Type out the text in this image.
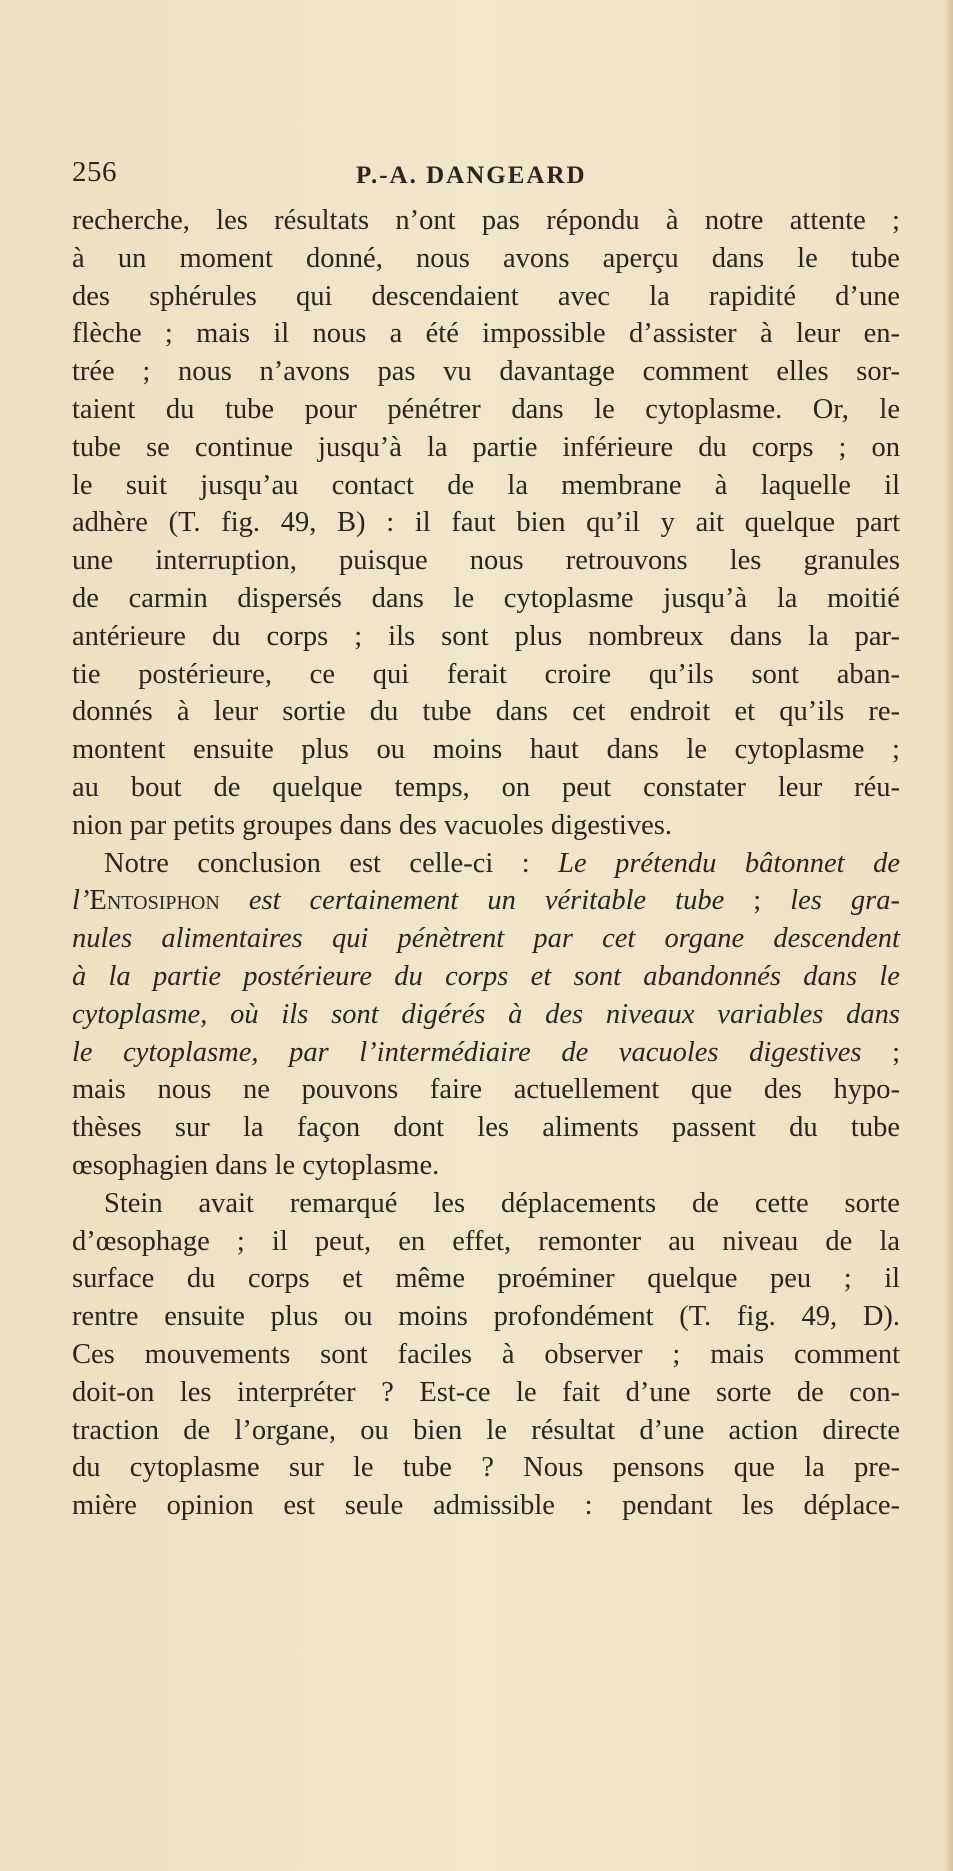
256	P.-A. DANGEARD
recherche, les résultats n’ont pas répondu à notre attente ;
à un moment donné, nous avons aperçu dans le tube
des sphérules qui descendaient avec la rapidité d’une
flèche ; mais il nous a été impossible d’assister à leur en-
trée ; nous n’avons pas vu davantage comment elles sor-
taient du tube pour pénétrer dans le cytoplasme. Or, le
tube se continue jusqu’à la partie inférieure du corps ; on
le suit jusqu’au contact de la membrane à laquelle il
adhère (T. fig. 49, B) : il faut bien qu’il y ait quelque part
une interruption, puisque nous retrouvons les granules
de carmin dispersés dans le cytoplasme jusqu’à la moitié
antérieure du corps ; ils sont plus nombreux dans la par-
tie postérieure, ce qui ferait croire qu’ils sont aban-
donnés à leur sortie du tube dans cet endroit et qu’ils re-
montent ensuite plus ou moins haut dans le cytoplasme ;
au bout de quelque temps, on peut constater leur réu-
nion par petits groupes dans des vacuoles digestives.
Notre conclusion est celle-ci : Le prétendu bâtonnet de
l’ Entosiphon est certainement un véritable tube ; les gra-
nules alimentaires qui pénètrent par cet organe descendent
à la partie postérieure du corps et sont abandonnés dans le
cytoplasme, où ils sont digérés à des niveaux variables dans
le cytoplasme, par l’intermédiaire de vacuoles digestives ;
mais nous ne pouvons faire actuellement que des hypo-
thèses sur la façon dont les aliments passent du tube
œsophagien dans le cytoplasme.
Stein avait remarqué les déplacements de cette sorte
d’œsophage ; il peut, en effet, remonter au niveau de la
surface du corps et même proéminer quelque peu ; il
rentre ensuite plus ou moins profondément (T. fig. 49, D).
Ces mouvements sont faciles à observer ; mais comment
doit-on les interpréter ? Est-ce le fait d’une sorte de con-
traction de l’organe, ou bien le résultat d’une action directe
du cytoplasme sur le tube ? Nous pensons que la pre-
mière opinion est seule admissible : pendant les déplace-
